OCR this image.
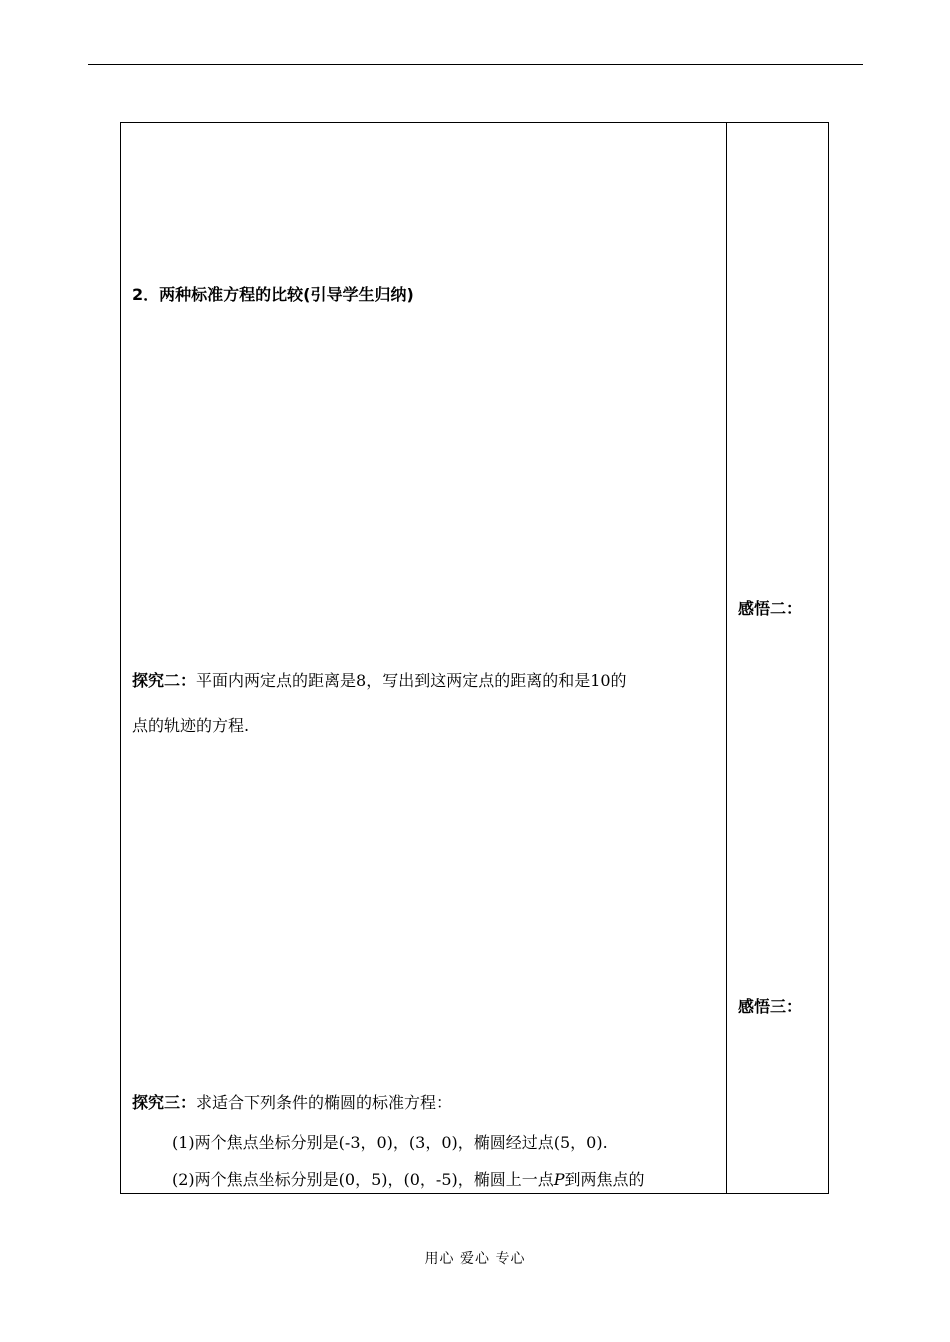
2．两种标准方程的比较(引导学生归纳)
探究二：平面内两定点的距离是8，写出到这两定点的距离的和是10的
点的轨迹的方程.
探究三：求适合下列条件的椭圆的标准方程：
(1)两个焦点坐标分别是(-3，0)，(3，0)，椭圆经过点(5，0).
(2)两个焦点坐标分别是(0，5)，(0，-5)，椭圆上一点P到两焦点的
感悟二：
感悟三：
用心 爱心 专心
